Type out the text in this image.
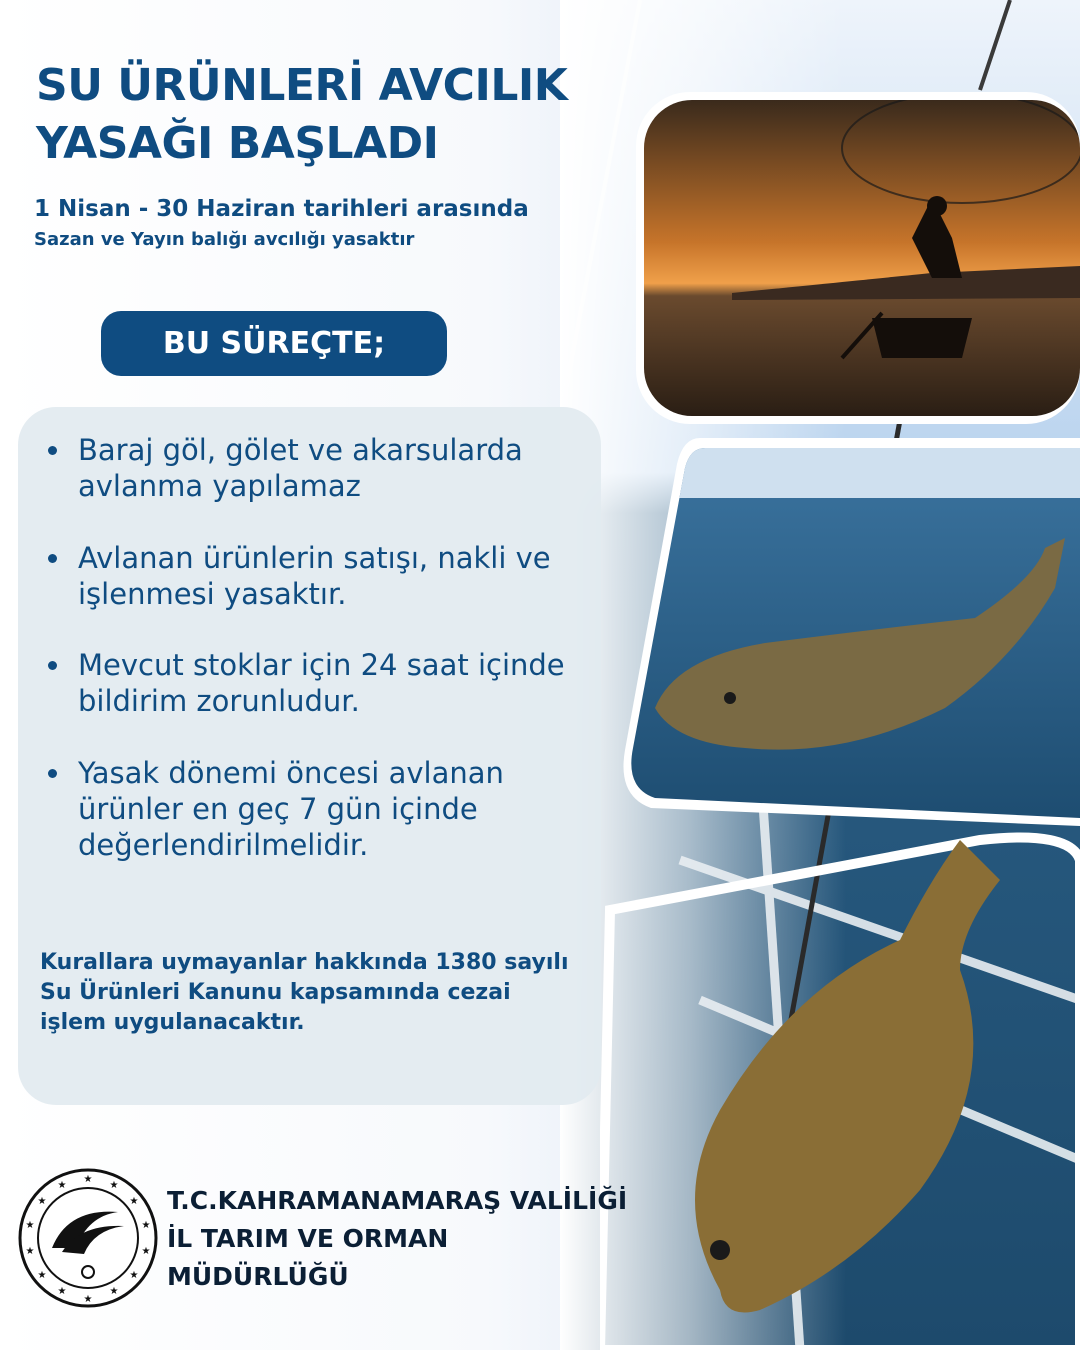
SU ÜRÜNLERİ AVCILIK
YASAĞI BAŞLADI
1 Nisan - 30 Haziran tarihleri arasında
Sazan ve Yayın balığı avcılığı yasaktır
BU SÜREÇTE;
Baraj göl, gölet ve akarsularda avlanma yapılamaz
Avlanan ürünlerin satışı, nakli ve işlenmesi yasaktır.
Mevcut stoklar için 24 saat içinde bildirim zorunludur.
Yasak dönemi öncesi avlanan ürünler en geç 7 gün içinde değerlendirilmelidir.
Kurallara uymayanlar hakkında 1380 sayılı Su Ürünleri Kanunu kapsamında cezai işlem uygulanacaktır.
★
★
★
★
★
★
★
★
★
★
★
★
★
★
T.C.KAHRAMANAMARAŞ VALİLİĞİ
İL TARIM VE ORMAN
MÜDÜRLÜĞÜ
